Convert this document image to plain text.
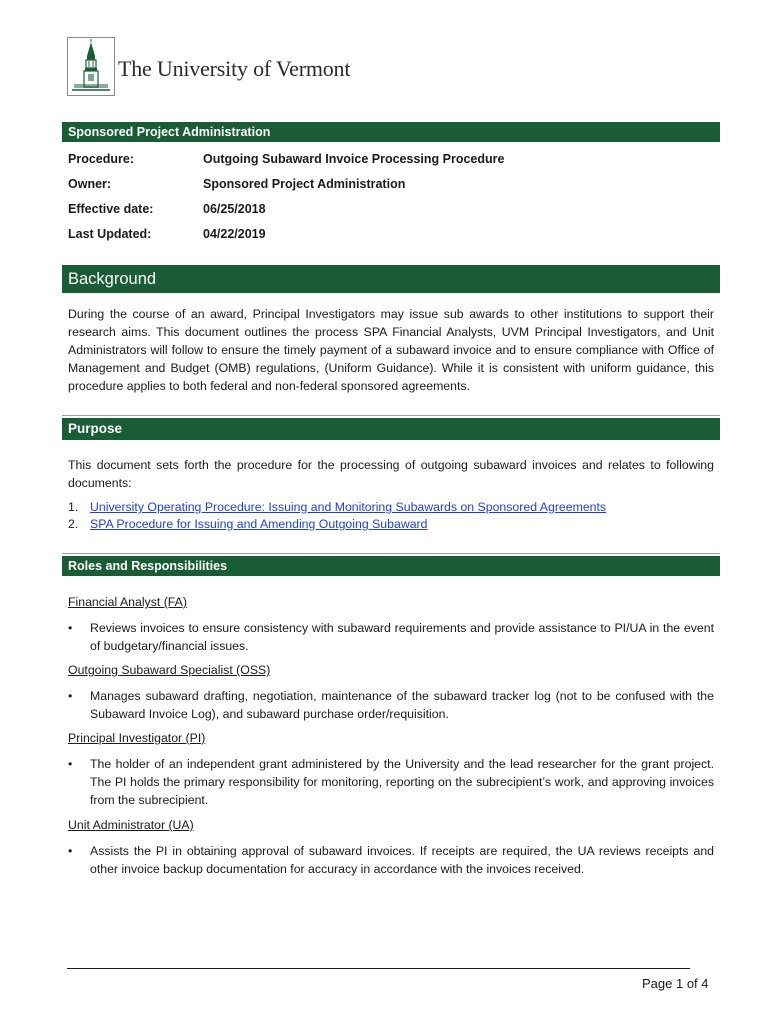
The University of Vermont
Sponsored Project Administration
Procedure:	Outgoing Subaward Invoice Processing Procedure
Owner:	Sponsored Project Administration
Effective date:	06/25/2018
Last Updated:	04/22/2019
Background
During the course of an award, Principal Investigators may issue sub awards to other institutions to support their research aims. This document outlines the process SPA Financial Analysts, UVM Principal Investigators, and Unit Administrators will follow to ensure the timely payment of a subaward invoice and to ensure compliance with Office of Management and Budget (OMB) regulations, (Uniform Guidance). While it is consistent with uniform guidance, this procedure applies to both federal and non-federal sponsored agreements.
Purpose
This document sets forth the procedure for the processing of outgoing subaward invoices and relates to following documents:
1. University Operating Procedure: Issuing and Monitoring Subawards on Sponsored Agreements
2. SPA Procedure for Issuing and Amending Outgoing Subaward
Roles and Responsibilities
Financial Analyst (FA)
•	Reviews invoices to ensure consistency with subaward requirements and provide assistance to PI/UA in the event of budgetary/financial issues.
Outgoing Subaward Specialist (OSS)
•	Manages subaward drafting, negotiation, maintenance of the subaward tracker log (not to be confused with the Subaward Invoice Log), and subaward purchase order/requisition.
Principal Investigator (PI)
•	The holder of an independent grant administered by the University and the lead researcher for the grant project. The PI holds the primary responsibility for monitoring, reporting on the subrecipient’s work, and approving invoices from the subrecipient.
Unit Administrator (UA)
•	Assists the PI in obtaining approval of subaward invoices. If receipts are required, the UA reviews receipts and other invoice backup documentation for accuracy in accordance with the invoices received.
Page 1 of 4
